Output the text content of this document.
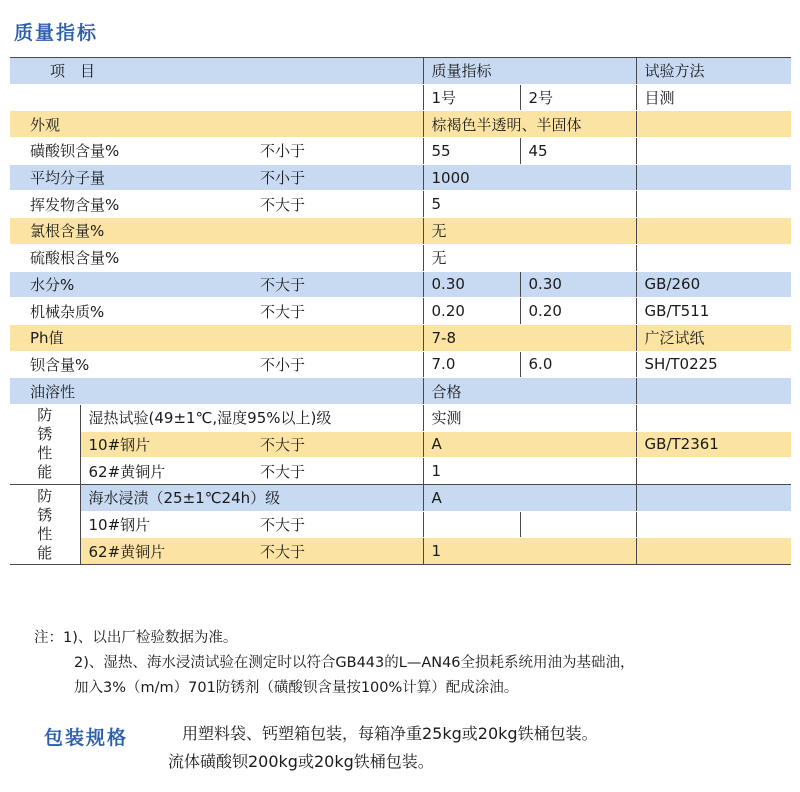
质量指标
项　目			质量指标		试验方法
			1号	2号	目测
外观			棕褐色半透明、半固体		
磺酸钡含量%		不小于	55	45	
平均分子量		不小于	1000		
挥发物含量%		不大于	5		
氯根含量%			无		
硫酸根含量%			无		
水分%		不大于	0.30	0.30	GB/260
机械杂质%		不大于	0.20	0.20	GB/T511
Ph值			7-8		广泛试纸
钡含量%		不小于	7.0	6.0	SH/T0225
油溶性			合格		

防
锈
性
能	湿热试验(49±1℃,湿度95%以上)级		实测		
	10#钢片	不大于	A		GB/T2361
	62#黄铜片	不大于	1		

防
锈
性
能	海水浸渍（25±1℃24h）级		A		
	10#钢片	不大于			
	62#黄铜片	不大于	1		
注：1)、以出厂检验数据为准。
2)、湿热、海水浸渍试验在测定时以符合GB443的L—AN46全损耗系统用油为基础油，
加入3%（m/m）701防锈剂（磺酸钡含量按100%计算）配成涂油。
包装规格	用塑料袋、钙塑箱包装，每箱净重25kg或20kg铁桶包装。
流体磺酸钡200kg或20kg铁桶包装。
